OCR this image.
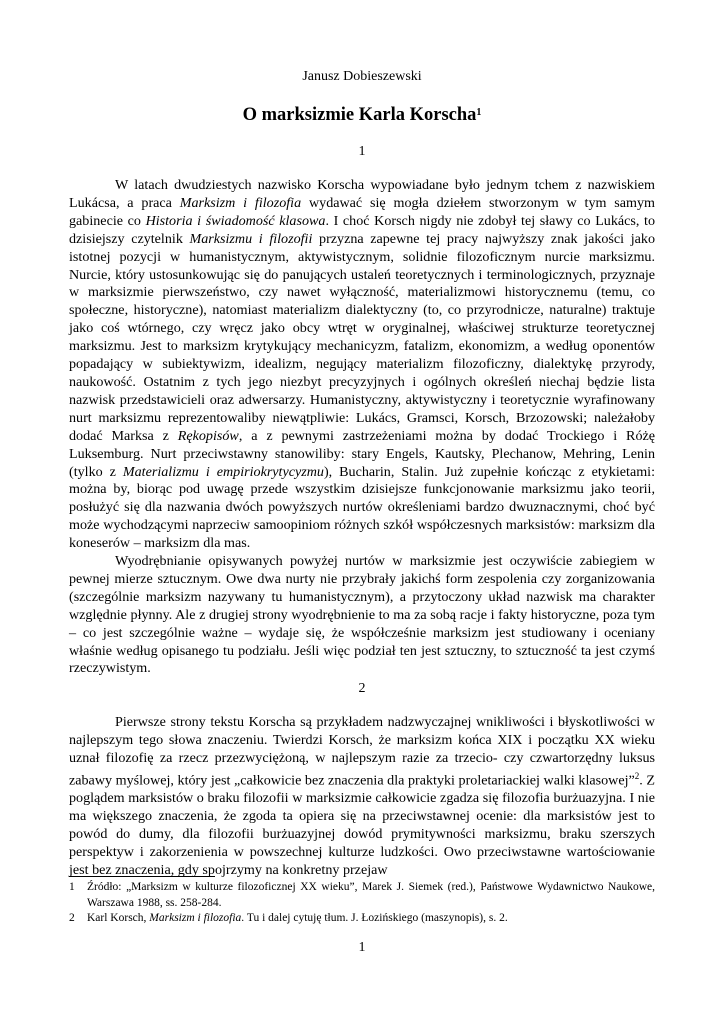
Janusz Dobieszewski
O marksizmie Karla Korscha$^1$
1

W latach dwudziestych nazwisko Korscha wypowiadane było jednym tchem z nazwiskiem Lukácsa, a praca Marksizm i filozofia wydawać się mogła dziełem stworzonym w tym samym gabinecie co Historia i świadomość klasowa. I choć Korsch nigdy nie zdobył tej sławy co Lukács, to dzisiejszy czytelnik Marksizmu i filozofii przyzna zapewne tej pracy najwyższy znak jakości jako istotnej pozycji w humanistycznym, aktywistycznym, solidnie filozoficznym nurcie marksizmu. Nurcie, który ustosunkowując się do panujących ustaleń teoretycznych i terminologicznych, przyznaje w marksizmie pierwszeństwo, czy nawet wyłączność, materializmowi historycznemu (temu, co społeczne, historyczne), natomiast materializm dialektyczny (to, co przyrodnicze, naturalne) traktuje jako coś wtórnego, czy wręcz jako obcy wtręt w oryginalnej, właściwej strukturze teoretycznej marksizmu. Jest to marksizm krytykujący mechanicyzm, fatalizm, ekonomizm, a według oponentów popadający w subiektywizm, idealizm, negujący materializm filozoficzny, dialektykę przyrody, naukowość. Ostatnim z tych jego niezbyt precyzyjnych i ogólnych określeń niechaj będzie lista nazwisk przedstawicieli oraz adwersarzy. Humanistyczny, aktywistyczny i teoretycznie wyrafinowany nurt marksizmu reprezentowaliby niewątpliwie: Lukács, Gramsci, Korsch, Brzozowski; należałoby dodać Marksa z Rękopisów, a z pewnymi zastrzeżeniami można by dodać Trockiego i Różę Luksemburg. Nurt przeciwstawny stanowiliby: stary Engels, Kautsky, Plechanow, Mehring, Lenin (tylko z Materializmu i empiriokrytycyzmu), Bucharin, Stalin. Już zupełnie kończąc z etykietami: można by, biorąc pod uwagę przede wszystkim dzisiejsze funkcjonowanie marksizmu jako teorii, posłużyć się dla nazwania dwóch powyższych nurtów określeniami bardzo dwuznacznymi, choć być może wychodzącymi naprzeciw samoopiniom różnych szkół współczesnych marksistów: marksizm dla koneserów – marksizm dla mas.

Wyodrębnianie opisywanych powyżej nurtów w marksizmie jest oczywiście zabiegiem w pewnej mierze sztucznym. Owe dwa nurty nie przybrały jakichś form zespolenia czy zorganizowania (szczególnie marksizm nazywany tu humanistycznym), a przytoczony układ nazwisk ma charakter względnie płynny. Ale z drugiej strony wyodrębnienie to ma za sobą racje i fakty historyczne, poza tym – co jest szczególnie ważne – wydaje się, że współcześnie marksizm jest studiowany i oceniany właśnie według opisanego tu podziału. Jeśli więc podział ten jest sztuczny, to sztuczność ta jest czymś rzeczywistym.

2

Pierwsze strony tekstu Korscha są przykładem nadzwyczajnej wnikliwości i błyskotliwości w najlepszym tego słowa znaczeniu. Twierdzi Korsch, że marksizm końca XIX i początku XX wieku uznał filozofię za rzecz przezwyciężoną, w najlepszym razie za trzecio- czy czwartorzędny luksus zabawy myślowej, który jest „całkowicie bez znaczenia dla praktyki proletariackiej walki klasowej”$^2$. Z poglądem marksistów o braku filozofii w marksizmie całkowicie zgadza się filozofia burżuazyjna. I nie ma większego znaczenia, że zgoda ta opiera się na przeciwstawnej ocenie: dla marksistów jest to powód do dumy, dla filozofii burżuazyjnej dowód prymitywności marksizmu, braku szerszych perspektyw i zakorzenienia w powszechnej kulturze ludzkości. Owo przeciwstawne wartościowanie jest bez znaczenia, gdy spojrzymy na konkretny przejaw

1	Źródło: „Marksizm w kulturze filozoficznej XX wieku”, Marek J. Siemek (red.), Państwowe Wydawnictwo Naukowe, Warszawa 1988, ss. 258-284.
2	Karl Korsch, Marksizm i filozofia. Tu i dalej cytuję tłum. J. Łozińskiego (maszynopis), s. 2.
1
